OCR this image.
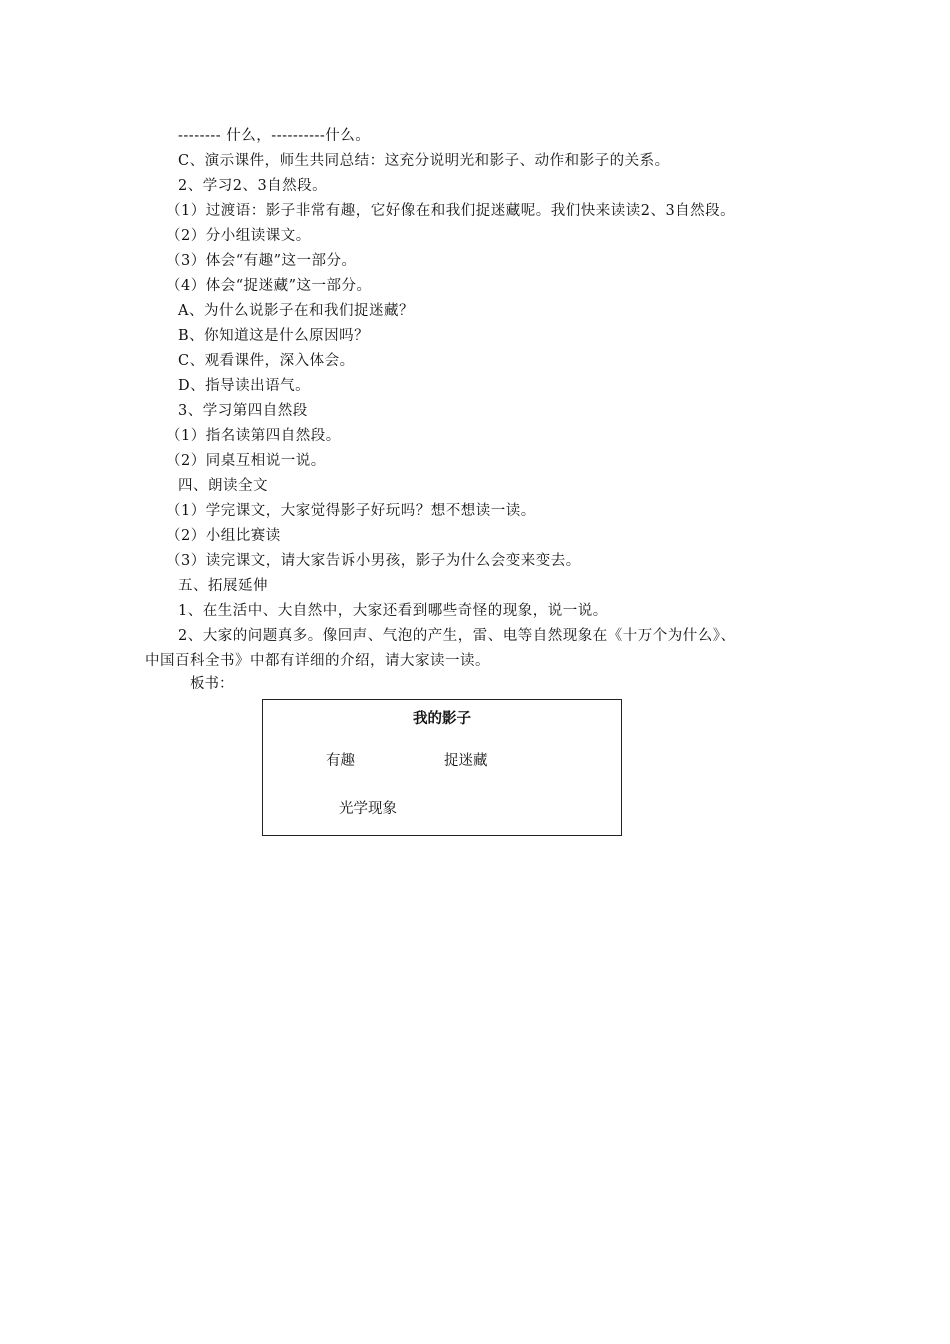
-------- 什么，----------什么。
C、演示课件，师生共同总结：这充分说明光和影子、动作和影子的关系。
2、学习2、3自然段。
（1）过渡语：影子非常有趣，它好像在和我们捉迷藏呢。我们快来读读2、3自然段。
（2）分小组读课文。
（3）体会“有趣”这一部分。
（4）体会“捉迷藏”这一部分。
A、为什么说影子在和我们捉迷藏？
B、你知道这是什么原因吗？
C、观看课件，深入体会。
D、指导读出语气。
3、学习第四自然段
（1）指名读第四自然段。
（2）同桌互相说一说。
四、朗读全文
（1）学完课文，大家觉得影子好玩吗？想不想读一读。
（2）小组比赛读
（3）读完课文，请大家告诉小男孩，影子为什么会变来变去。
五、拓展延伸
1、在生活中、大自然中，大家还看到哪些奇怪的现象，说一说。
2、大家的问题真多。像回声、气泡的产生，雷、电等自然现象在《十万个为什么》、
中国百科全书》中都有详细的介绍，请大家读一读。
板书：
我的影子
有趣	捉迷藏
光学现象
